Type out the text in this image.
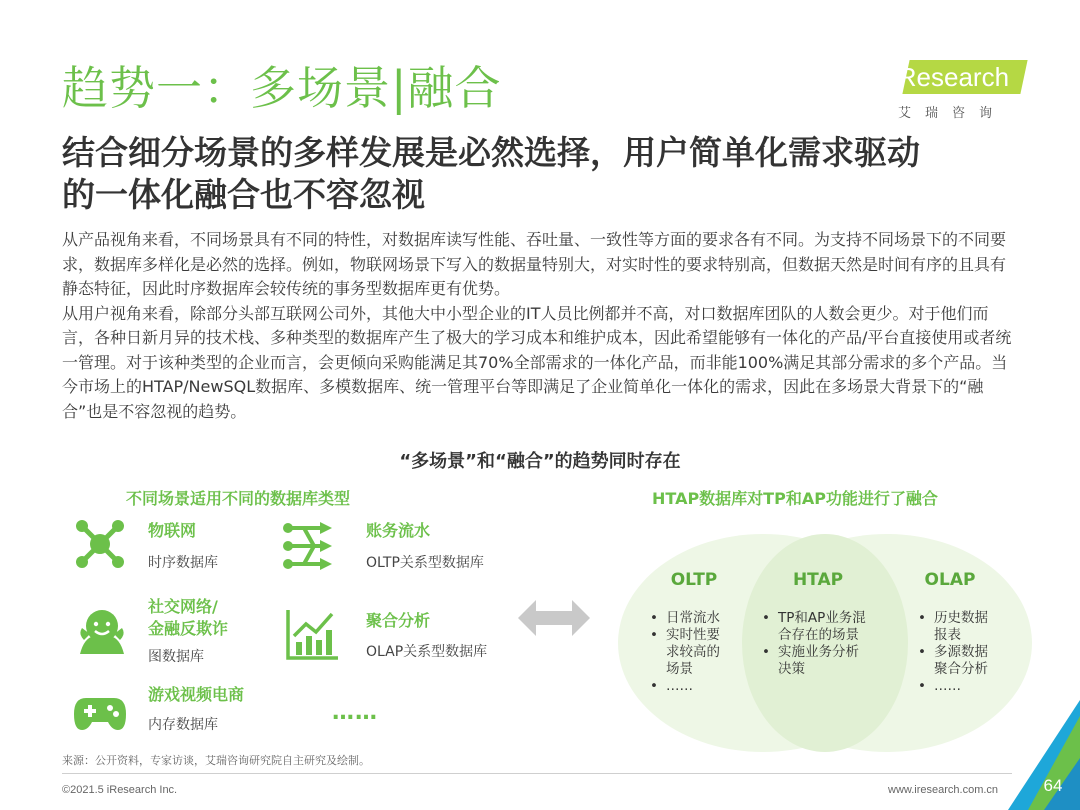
趋势一：多场景|融合	iResearch
艾瑞咨询
结合细分场景的多样发展是必然选择，用户简单化需求驱动
的一体化融合也不容忽视

从产品视角来看，不同场景具有不同的特性，对数据库读写性能、吞吐量、一致性等方面的要求各有不同。为支持不同场景下的不同要求，数据库多样化是必然的选择。例如，物联网场景下写入的数据量特别大，对实时性的要求特别高，但数据天然是时间有序的且具有静态特征，因此时序数据库会较传统的事务型数据库更有优势。

从用户视角来看，除部分头部互联网公司外，其他大中小型企业的IT人员比例都并不高，对口数据库团队的人数会更少。对于他们而言，各种日新月异的技术栈、多种类型的数据库产生了极大的学习成本和维护成本，因此希望能够有一体化的产品/平台直接使用或者统一管理。对于该种类型的企业而言，会更倾向采购能满足其70%全部需求的一体化产品，而非能100%满足其部分需求的多个产品。当今市场上的HTAP/NewSQL数据库、多模数据库、统一管理平台等即满足了企业简单化一体化的需求，因此在多场景大背景下的“融合”也是不容忽视的趋势。

“多场景”和“融合”的趋势同时存在
不同场景适用不同的数据库类型	HTAP数据库对TP和AP功能进行了融合
物联网
时序数据库
账务流水
OLTP关系型数据库
社交网络/
金融反欺诈
图数据库
聚合分析
OLAP关系型数据库
游戏视频电商
内存数据库	……
OLTP	HTAP	OLAP
• 日常流水
• 实时性要
求较高的
场景
• ……
• TP和AP业务混
合存在的场景
• 实施业务分析
决策
• 历史数据
报表
• 多源数据
聚合分析
• ……
来源：公开资料，专家访谈，艾瑞咨询研究院自主研究及绘制。
©2021.5 iResearch Inc.	www.iresearch.com.cn	64
